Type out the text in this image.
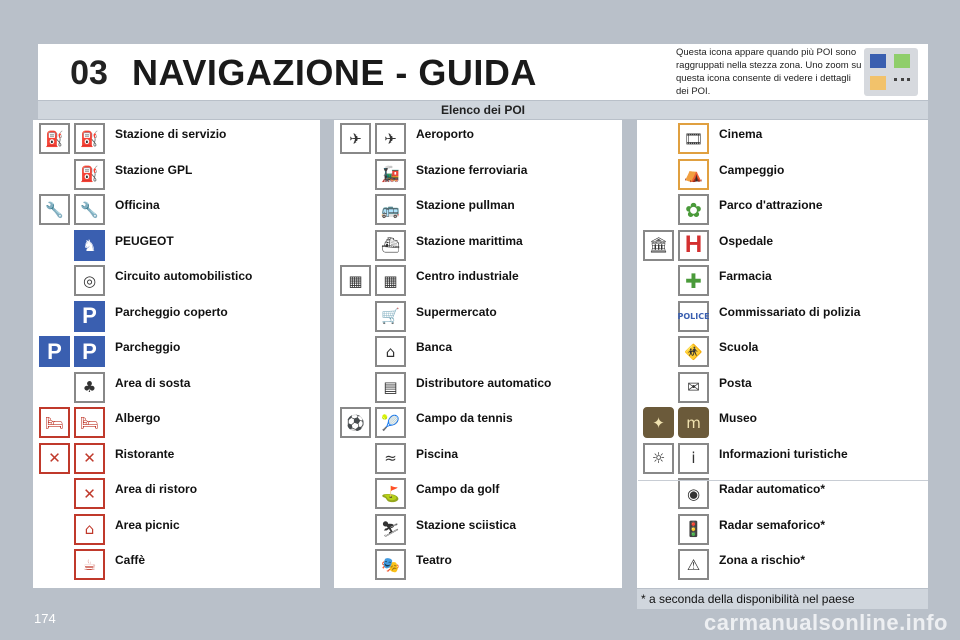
03 NAVIGAZIONE - GUIDA	Questa icona appare quando più POI sono raggruppati nella stezza zona. Uno zoom su questa icona consente di vedere i dettagli dei POI.
Elenco dei POI
⛽	⛽	Stazione di servizio
⛽	Stazione GPL
🔧	🔧	Officina
♞	PEUGEOT
◎	Circuito automobilistico
P	Parcheggio coperto
P P	Parcheggio
♣	Area di sosta
🛏	🛏	Albergo
✕	✕	Ristorante
✕	Area di ristoro
⌂	Area picnic
☕	Caffè
✈	✈	Aeroporto
🚂	Stazione ferroviaria
🚌	Stazione pullman
⛴	Stazione marittima
▦	▦	Centro industriale
🛒	Supermercato
⌂	Banca
▤	Distributore automatico
⚽	🎾	Campo da tennis
≈	Piscina
⛳	Campo da golf
⛷	Stazione sciistica
🎭	Teatro
🎞	Cinema
⛺	Campeggio
✿	Parco d'attrazione
🏛 H	Ospedale
✚	Farmacia
POLICE Commissariato di polizia
🚸	Scuola
✉	Posta
✦	m	Museo
☼	i	Informazioni turistiche
◉	Radar automatico*
🚦	Radar semaforico*
⚠	Zona a rischio*
* a seconda della disponibilità nel paese
174	carmanualsonline.info
